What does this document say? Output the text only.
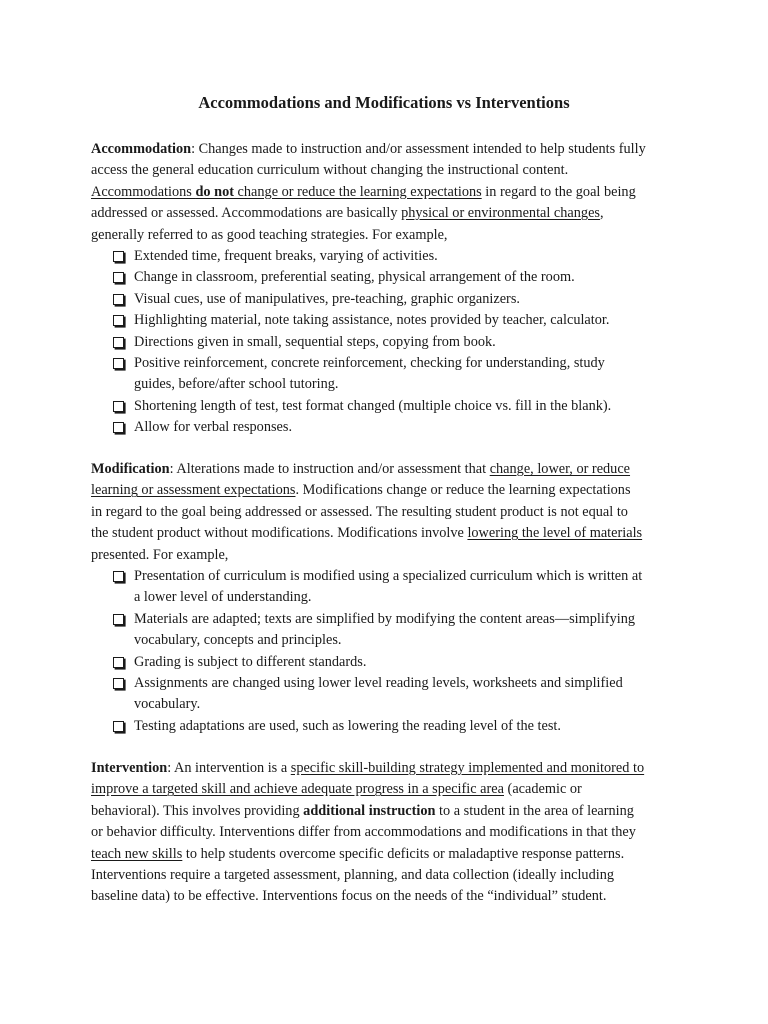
Accommodations and Modifications vs Interventions
Accommodation: Changes made to instruction and/or assessment intended to help students fully
access the general education curriculum without changing the instructional content.
Accommodations do not change or reduce the learning expectations in regard to the goal being
addressed or assessed. Accommodations are basically physical or environmental changes,
generally referred to as good teaching strategies. For example,
Extended time, frequent breaks, varying of activities.
Change in classroom, preferential seating, physical arrangement of the room.
Visual cues, use of manipulatives, pre-teaching, graphic organizers.
Highlighting material, note taking assistance, notes provided by teacher, calculator.
Directions given in small, sequential steps, copying from book.
Positive reinforcement, concrete reinforcement, checking for understanding, study
guides, before/after school tutoring.
Shortening length of test, test format changed (multiple choice vs. fill in the blank).
Allow for verbal responses.
Modification: Alterations made to instruction and/or assessment that change, lower, or reduce
learning or assessment expectations. Modifications change or reduce the learning expectations
in regard to the goal being addressed or assessed. The resulting student product is not equal to
the student product without modifications. Modifications involve lowering the level of materials
presented. For example,
Presentation of curriculum is modified using a specialized curriculum which is written at
a lower level of understanding.
Materials are adapted; texts are simplified by modifying the content areas—simplifying
vocabulary, concepts and principles.
Grading is subject to different standards.
Assignments are changed using lower level reading levels, worksheets and simplified
vocabulary.
Testing adaptations are used, such as lowering the reading level of the test.
Intervention: An intervention is a specific skill-building strategy implemented and monitored to
improve a targeted skill and achieve adequate progress in a specific area (academic or
behavioral). This involves providing additional instruction to a student in the area of learning
or behavior difficulty. Interventions differ from accommodations and modifications in that they
teach new skills to help students overcome specific deficits or maladaptive response patterns.
Interventions require a targeted assessment, planning, and data collection (ideally including
baseline data) to be effective. Interventions focus on the needs of the “individual” student.
